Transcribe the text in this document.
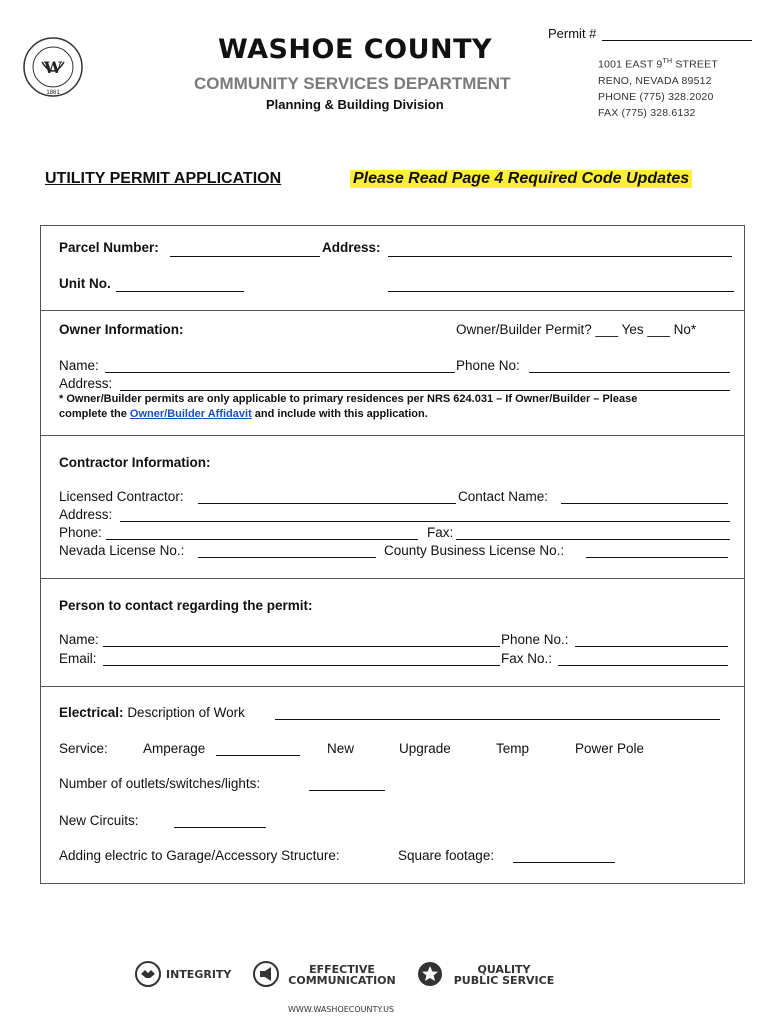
W
1861
WASHOE COUNTY
COMMUNITY SERVICES DEPARTMENT
Planning & Building Division
Permit #
1001 EAST 9TH STREET
RENO, NEVADA 89512
PHONE (775) 328.2020
FAX (775) 328.6132
UTILITY PERMIT APPLICATION	Please Read Page 4 Required Code Updates
Parcel Number:	Address:
Unit No.
Owner Information:	Owner/Builder Permit? ___ Yes ___ No*
Name:	Phone No:
Address:
* Owner/Builder permits are only applicable to primary residences per NRS 624.031 – If Owner/Builder – Please
complete the Owner/Builder Affidavit and include with this application.
Contractor Information:
Licensed Contractor:	Contact Name:
Address:
Phone:	Fax:
Nevada License No.:	County Business License No.:
Person to contact regarding the permit:
Name:	Phone No.:
Email:	Fax No.:
Electrical: Description of Work
Service:	Amperage	New	Upgrade	Temp	Power Pole
Number of outlets/switches/lights:
New Circuits:
Adding electric to Garage/Accessory Structure:	Square footage:
INTEGRITY	EFFECTIVE
COMMUNICATION
QUALITY
PUBLIC SERVICE
WWW.WASHOECOUNTY.US
